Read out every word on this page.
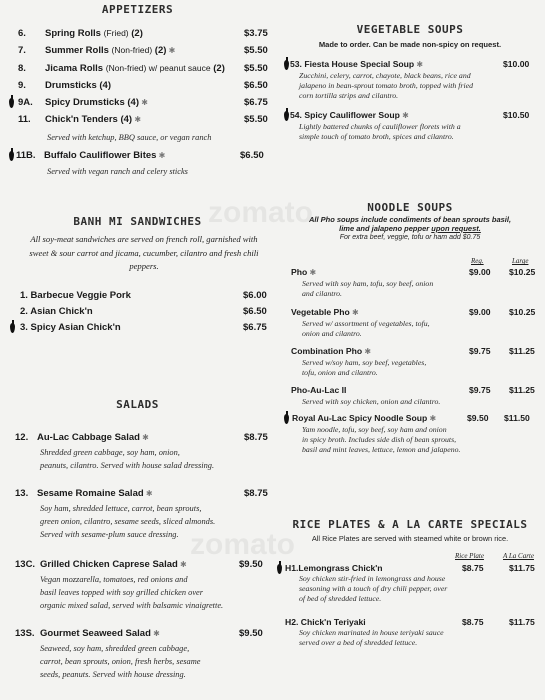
zomato
zomato
APPETIZERS
6. Spring Rolls (Fried) (2)	$3.75
7. Summer Rolls (Non-fried) (2) ✱	$5.50
8. Jicama Rolls (Non-fried) w/ peanut sauce (2) $5.50
9. Drumsticks (4)	$6.50
9A. Spicy Drumsticks (4) ✱	$6.75
11. Chick'n Tenders (4) ✱	$5.50
Served with ketchup, BBQ sauce, or vegan ranch
11B. Buffalo Cauliflower Bites ✱	$6.50
Served with vegan ranch and celery sticks
BANH MI SANDWICHES
All soy-meat sandwiches are served on french roll, garnished with sweet & sour carrot and jicama, cucumber, cilantro and fresh chili peppers.
1. Barbecue Veggie Pork	$6.00
2. Asian Chick'n	$6.50
3. Spicy Asian Chick'n	$6.75
SALADS
12. Au-Lac Cabbage Salad ✱	$8.75
Shredded green cabbage, soy ham, onion,
peanuts, cilantro. Served with house salad dressing.
13. Sesame Romaine Salad ✱	$8.75
Soy ham, shredded lettuce, carrot, bean sprouts,
green onion, cilantro, sesame seeds, sliced almonds.
Served with sesame-plum sauce dressing.
13C. Grilled Chicken Caprese Salad ✱	$9.50
Vegan mozzarella, tomatoes, red onions and
basil leaves topped with soy grilled chicken over
organic mixed salad, served with balsamic vinaigrette.
13S. Gourmet Seaweed Salad ✱	$9.50
Seaweed, soy ham, shredded green cabbage,
carrot, bean sprouts, onion, fresh herbs, sesame
seeds, peanuts. Served with house dressing.
VEGETABLE SOUPS
Made to order. Can be made non-spicy on request.
53. Fiesta House Special Soup ✱	$10.00
Zucchini, celery, carrot, chayote, black beans, rice and
jalapeno in bean-sprout tomato broth, topped with fried
corn tortilla strips and cilantro.
54. Spicy Cauliflower Soup ✱	$10.50
Lightly battered chunks of cauliflower florets with a
simple touch of tomato broth, spices and cilantro.
NOODLE SOUPS
All Pho soups include condiments of bean sprouts basil,
lime and jalapeno pepper upon request.
For extra beef, veggie, tofu or ham add $0.75
Reg.	Large
Pho ✱	$9.00 $10.25
Served with soy ham, tofu, soy beef, onion
and cilantro.
Vegetable Pho ✱	$9.00 $10.25
Served w/ assortment of vegetables, tofu,
onion and cilantro.
Combination Pho ✱	$9.75 $11.25
Served w/soy ham, soy beef, vegetables,
tofu, onion and cilantro.
Pho-Au-Lac II	$9.75 $11.25
Served with soy chicken, onion and cilantro.
Royal Au-Lac Spicy Noodle Soup ✱	$9.50 $11.50
Yam noodle, tofu, soy beef, soy ham and onion
in spicy broth. Includes side dish of bean sprouts,
basil and mint leaves, lettuce, lemon and jalapeno.
RICE PLATES & A LA CARTE SPECIALS
All Rice Plates are served with steamed white or brown rice.
Rice Plate	A La Carte
H1.Lemongrass Chick'n	$8.75	$11.75
Soy chicken stir-fried in lemongrass and house
seasoning with a touch of dry chili pepper, over
of bed of shredded lettuce.
H2. Chick'n Teriyaki	$8.75	$11.75
Soy chicken marinated in house teriyaki sauce
served over a bed of shredded lettuce.
